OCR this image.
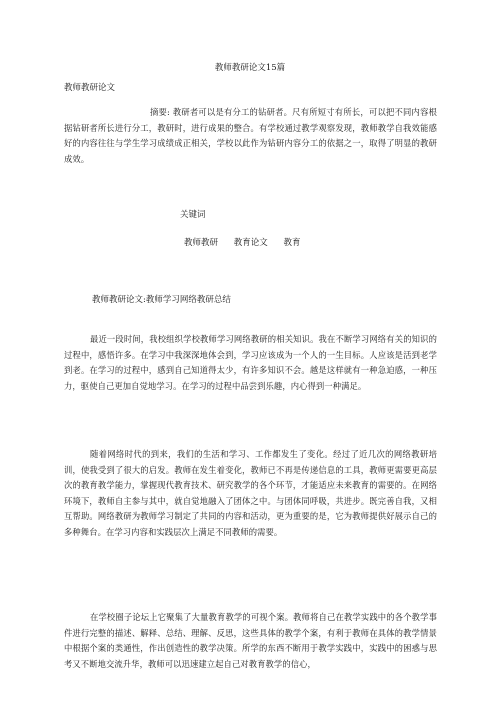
教师教研论文15篇
教师教研论文
摘要: 教研者可以是有分工的钻研者。尺有所短寸有所长，可以把不同内容根据钻研者所长进行分工，教研时，进行成果的整合。有学校通过教学观察发现，教师教学自我效能感好的内容往往与学生学习成绩成正相关，学校以此作为钻研内容分工的依据之一，取得了明显的教研成效。
关键词
教师教研 教育论文 教育
教师教研论文:教师学习网络教研总结
最近一段时间，我校组织学校教师学习网络教研的相关知识。我在不断学习网络有关的知识的过程中，感悟许多。在学习中我深深地体会到，学习应该成为一个人的一生目标。人应该是活到老学到老。在学习的过程中，感到自己知道得太少，有许多知识不会。越是这样就有一种急迫感，一种压力，驱使自己更加自觉地学习。在学习的过程中品尝到乐趣，内心得到一种满足。
随着网络时代的到来，我们的生活和学习、工作都发生了变化。经过了近几次的网络教研培训，使我受到了很大的启发。教师在发生着变化，教师已不再是传递信息的工具，教师更需要更高层次的教育教学能力，掌握现代教育技术、研究教学的各个环节，才能适应未来教育的需要的。在网络环境下，教师自主参与其中，就自觉地融入了团体之中。与团体同呼吸，共进步。既完善自我，又相互帮助。网络教研为教师学习制定了共同的内容和活动，更为重要的是，它为教师提供好展示自己的多种舞台。在学习内容和实践层次上满足不同教师的需要。
在学校圈子论坛上它聚集了大量教育教学的可视个案。教师将自己在教学实践中的各个教学事件进行完整的描述、解释、总结、理解、反思，这些具体的教学个案，有利于教师在具体的教学情景中根据个案的类通性，作出创造性的教学决策。所学的东西不断用于教学实践中，实践中的困惑与思考又不断地交流升华，教师可以迅速建立起自己对教育教学的信心，
